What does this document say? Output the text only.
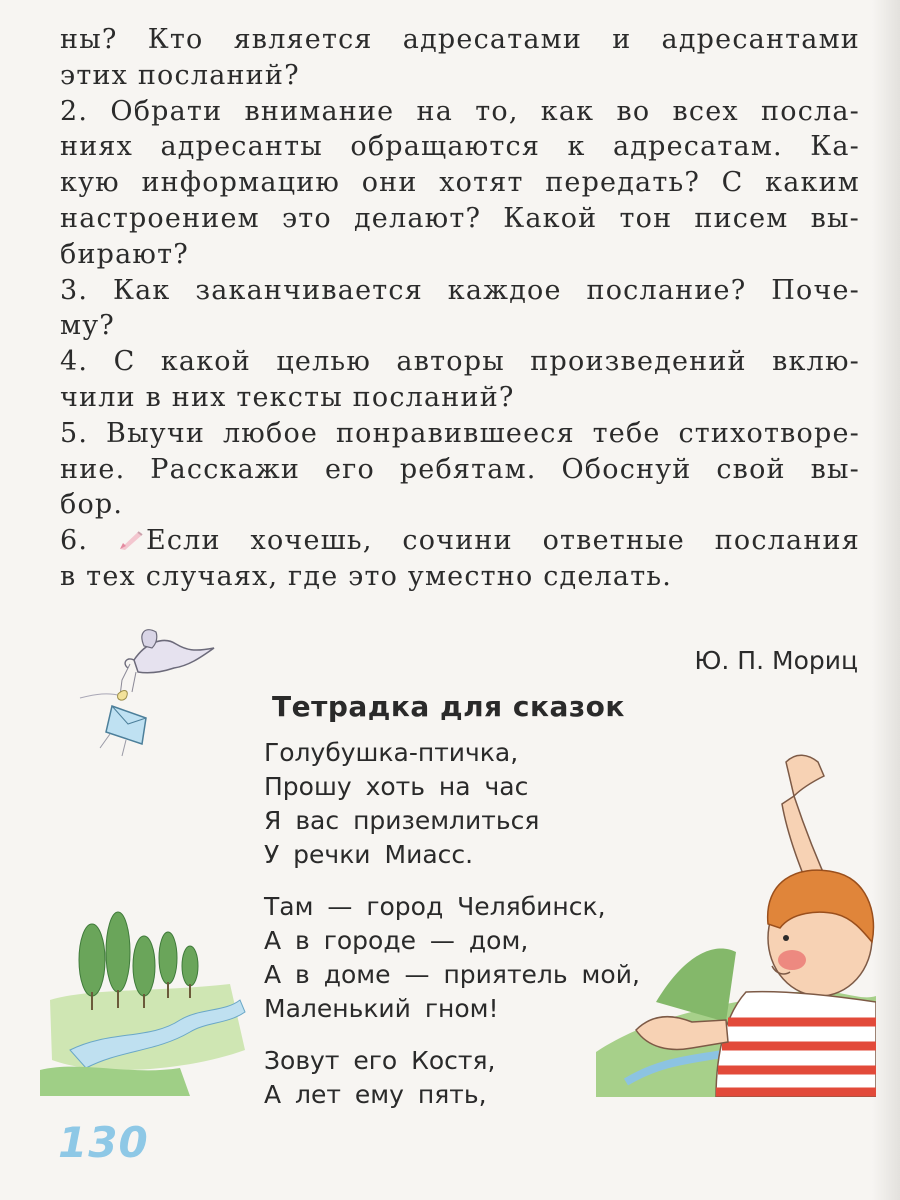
ны? Кто является адресатами и адресантами
этих посланий?
2. Обрати внимание на то, как во всех посла-
ниях адресанты обращаются к адресатам. Ка-
кую информацию они хотят передать? С каким
настроением это делают? Какой тон писем вы-
бирают?
3. Как заканчивается каждое послание? Поче-
му?
4. С какой целью авторы произведений вклю-
чили в них тексты посланий?
5. Выучи любое понравившееся тебе стихотворе-
ние. Расскажи его ребятам. Обоснуй свой вы-
бор.
6. Если хочешь, сочини ответные послания
в тех случаях, где это уместно сделать.
Ю. П. Мориц
Тетрадка для сказок
Голубушка-птичка,
Прошу хоть на час
Я вас приземлиться
У речки Миасс.
Там — город Челябинск,
А в городе — дом,
А в доме — приятель мой,
Маленький гном!
Зовут его Костя,
А лет ему пять,
130
